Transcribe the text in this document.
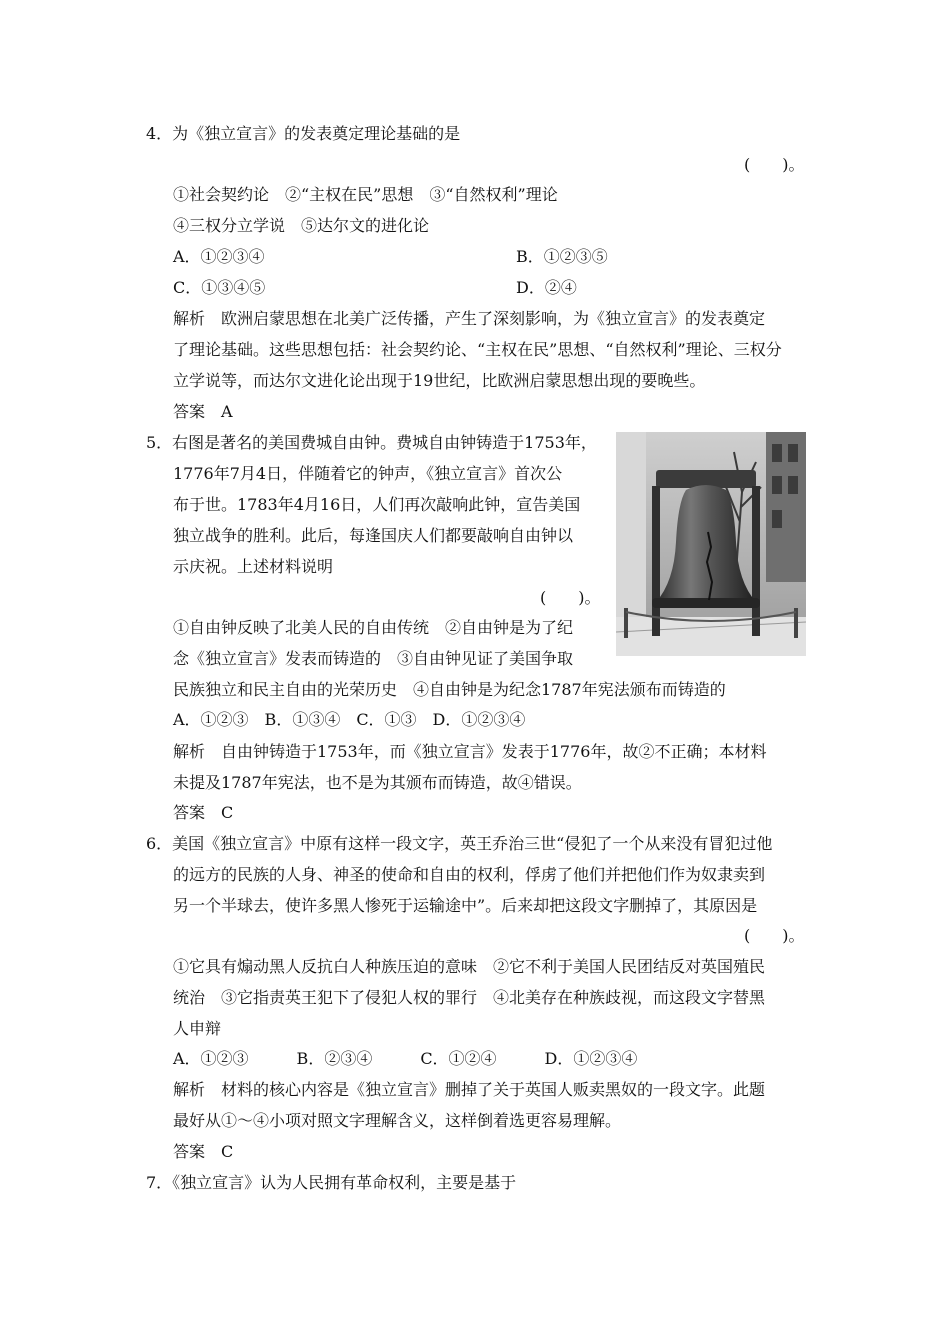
4．为《独立宣言》的发表奠定理论基础的是
(　　)。
①社会契约论　②“主权在民”思想　③“自然权利”理论
④三权分立学说　⑤达尔文的进化论
A．①②③④	B．①②③⑤
C．①③④⑤	D．②④
解析　欧洲启蒙思想在北美广泛传播，产生了深刻影响，为《独立宣言》的发表奠定
了理论基础。这些思想包括：社会契约论、“主权在民”思想、“自然权利”理论、三权分
立学说等，而达尔文进化论出现于19世纪，比欧洲启蒙思想出现的要晚些。
答案　A
5．右图是著名的美国费城自由钟。费城自由钟铸造于1753年，
1776年7月4日，伴随着它的钟声，《独立宣言》首次公
布于世。1783年4月16日，人们再次敲响此钟，宣告美国
独立战争的胜利。此后，每逢国庆人们都要敲响自由钟以
示庆祝。上述材料说明
(　　)。
①自由钟反映了北美人民的自由传统　②自由钟是为了纪
念《独立宣言》发表而铸造的　③自由钟见证了美国争取
民族独立和民主自由的光荣历史　④自由钟是为纪念1787年宪法颁布而铸造的
A．①②③　B．①③④　C．①③　D．①②③④
解析　自由钟铸造于1753年，而《独立宣言》发表于1776年，故②不正确；本材料
未提及1787年宪法，也不是为其颁布而铸造，故④错误。
答案　C
6．美国《独立宣言》中原有这样一段文字，英王乔治三世“侵犯了一个从来没有冒犯过他
的远方的民族的人身、神圣的使命和自由的权利，俘虏了他们并把他们作为奴隶卖到
另一个半球去，使许多黑人惨死于运输途中”。后来却把这段文字删掉了，其原因是
(　　)。
①它具有煽动黑人反抗白人种族压迫的意味　②它不利于美国人民团结反对英国殖民
统治　③它指责英王犯下了侵犯人权的罪行　④北美存在种族歧视，而这段文字替黑
人申辩
A．①②③　　　B．②③④　　　C．①②④　　　D．①②③④
解析　材料的核心内容是《独立宣言》删掉了关于英国人贩卖黑奴的一段文字。此题
最好从①～④小项对照文字理解含义，这样倒着选更容易理解。
答案　C
7．《独立宣言》认为人民拥有革命权利，主要是基于
